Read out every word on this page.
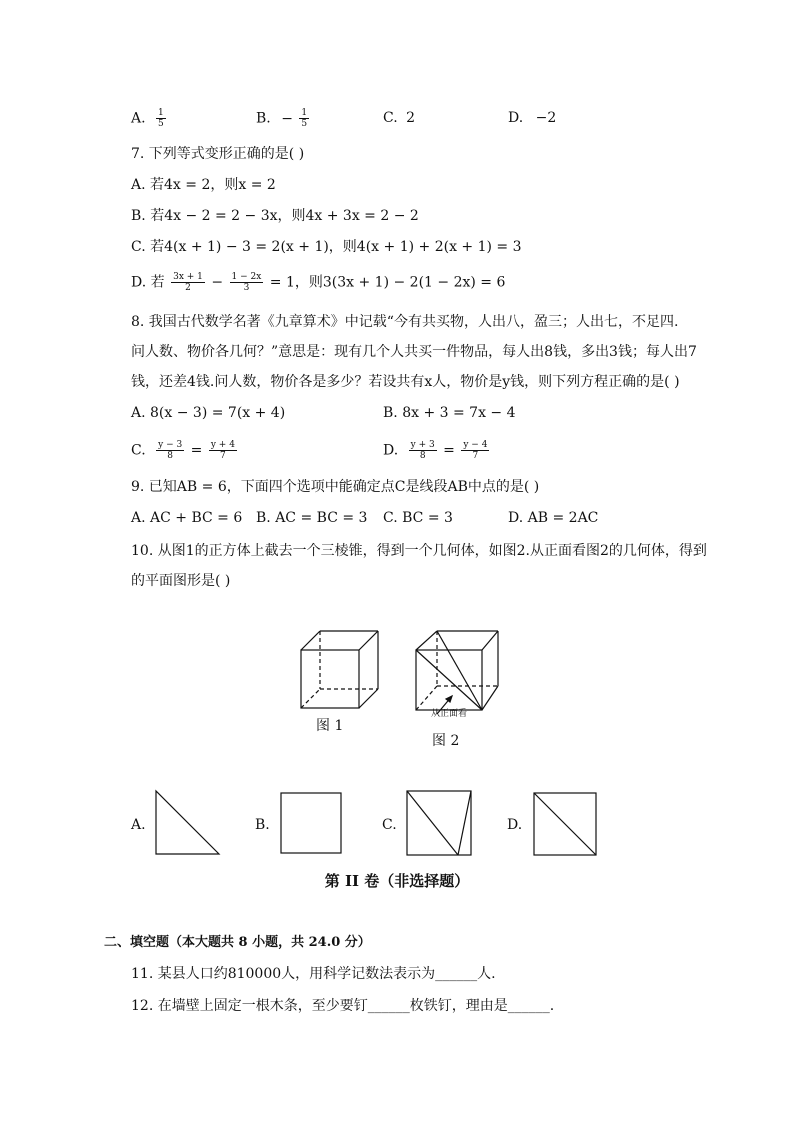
A. $\frac{1}{5}$	B. − $\frac{1}{5}$	C. 2	D. −2
7. 下列等式变形正确的是( )
A. 若4x = 2，则x = 2
B. 若4x − 2 = 2 − 3x，则4x + 3x = 2 − 2
C. 若4(x + 1) − 3 = 2(x + 1)，则4(x + 1) + 2(x + 1) = 3
D. 若 $\frac{3x + 1}{2} - \frac{1 - 2x}{3} = 1$，则3(3x + 1) − 2(1 − 2x) = 6
8. 我国古代数学名著《九章算术》中记载“今有共买物，人出八，盈三；人出七，不足四.
问人数、物价各几何？”意思是：现有几个人共买一件物品，每人出8钱，多出3钱；每人出7
钱，还差4钱.问人数，物价各是多少？若设共有x人，物价是y钱，则下列方程正确的是( )
A. 8(x − 3) = 7(x + 4)	B. 8x + 3 = 7x − 4
C. $\frac{y - 3}{8} = \frac{y + 4}{7}$	D. $\frac{y + 3}{8} = \frac{y - 4}{7}$
9. 已知AB = 6，下面四个选项中能确定点C是线段AB中点的是( )
A. AC + BC = 6 B. AC = BC = 3 C. BC = 3	D. AB = 2AC
10. 从图1的正方体上截去一个三棱锥，得到一个几何体，如图2.从正面看图2的几何体，得到
的平面图形是( )
图 1
从正面看
图 2
A.	B.	C.	D.
第 II 卷（非选择题）
二、填空题（本大题共 8 小题，共 24.0 分）
11. 某县人口约810000人，用科学记数法表示为______人.
12. 在墙壁上固定一根木条，至少要钉______枚铁钉，理由是______.
